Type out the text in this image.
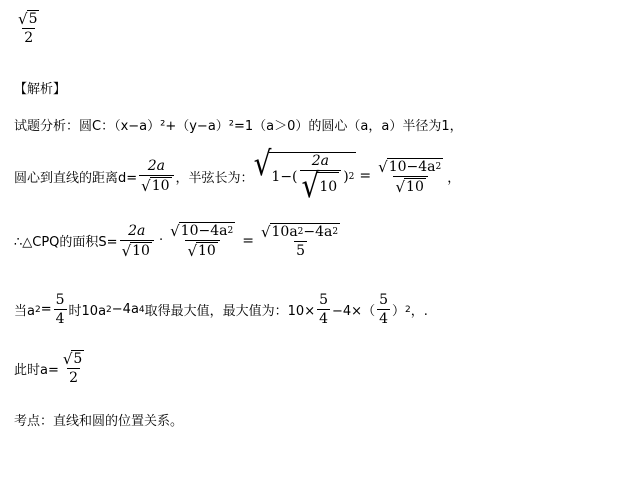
$\frac{√ 5}{2}$
【解析】
试题分析：圆C：（x−a）²+（y−a）²=1（a＞0）的圆心（a，a）半径为1，
圆心到直线的距离$d= \frac{2a}{√ 10}$ ，半弦长为： √ $1-( \frac{2a}{√ 10}$ ) $2 = \frac{√ 10-4a 2}{√ 10}$ ，
∴△CPQ的面积$S= \frac{2a}{√ 10} \cdot \frac{√ 10-4a 2}{√ 10} = \frac{√ 10a 2 -4a 2}{5}$
当a $2 = \frac{5}{4}$ 时10a 2 −4a 4 取得最大值，最大值为：$10\times \frac{5}{4} -4\times( \frac{5}{4}$ ） 2 ，.
此时$a= \frac{√ 5}{2}$
考点：直线和圆的位置关系。
